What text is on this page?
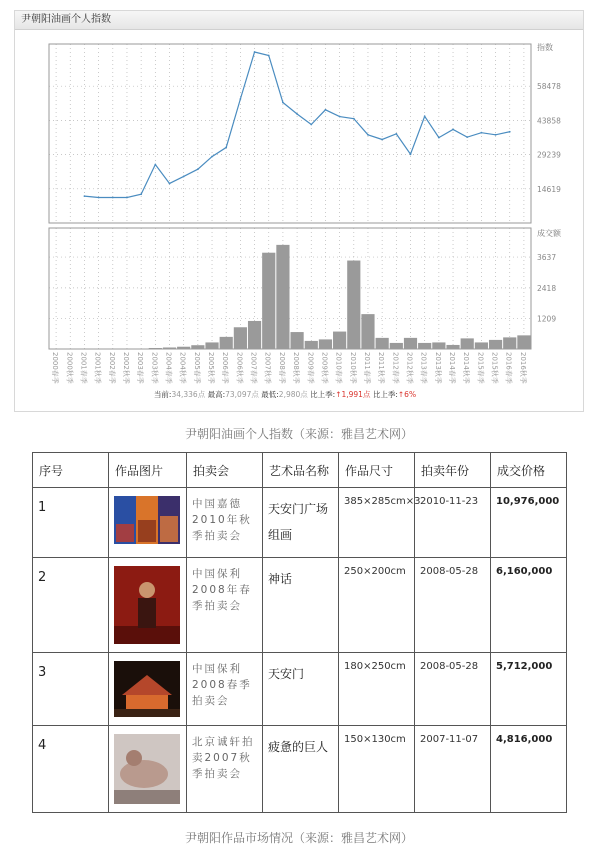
尹朝阳油画个人指数
指数
58478
43858
29239
14619
成交额
3637
2418
1209
2000春季 2000秋季 2001春季 2001秋季 2002春季 2002秋季 2003春季 2003秋季 2004春季 2004秋季 2005春季 2005秋季 2006春季 2006秋季 2007春季 2007秋季 2008春季 2008秋季 2009春季 2009秋季 2010春季 2010秋季 2011春季 2011秋季 2012春季 2012秋季 2013春季 2013秋季 2014春季 2014秋季 2015春季 2015秋季 2016春季 2016秋季
当前:34,336点 最高:73,097点 最低:2,980点 比上季:↑1,991点 比上季:↑6%
尹朝阳油画个人指数（来源：雅昌艺术网）
序号	作品图片	拍卖会	艺术品名称	作品尺寸	拍卖年份	成交价格
1		中国嘉德2010年秋季拍卖会	天安门广场组画	385×285cm×3	2010-11-23	10,976,000
2		中国保利2008年春季拍卖会	神话	250×200cm	2008-05-28	6,160,000
3		中国保利2008春季拍卖会	天安门	180×250cm	2008-05-28	5,712,000
4		北京诚轩拍卖2007秋季拍卖会	疲惫的巨人	150×130cm	2007-11-07	4,816,000
尹朝阳作品市场情况（来源：雅昌艺术网）
